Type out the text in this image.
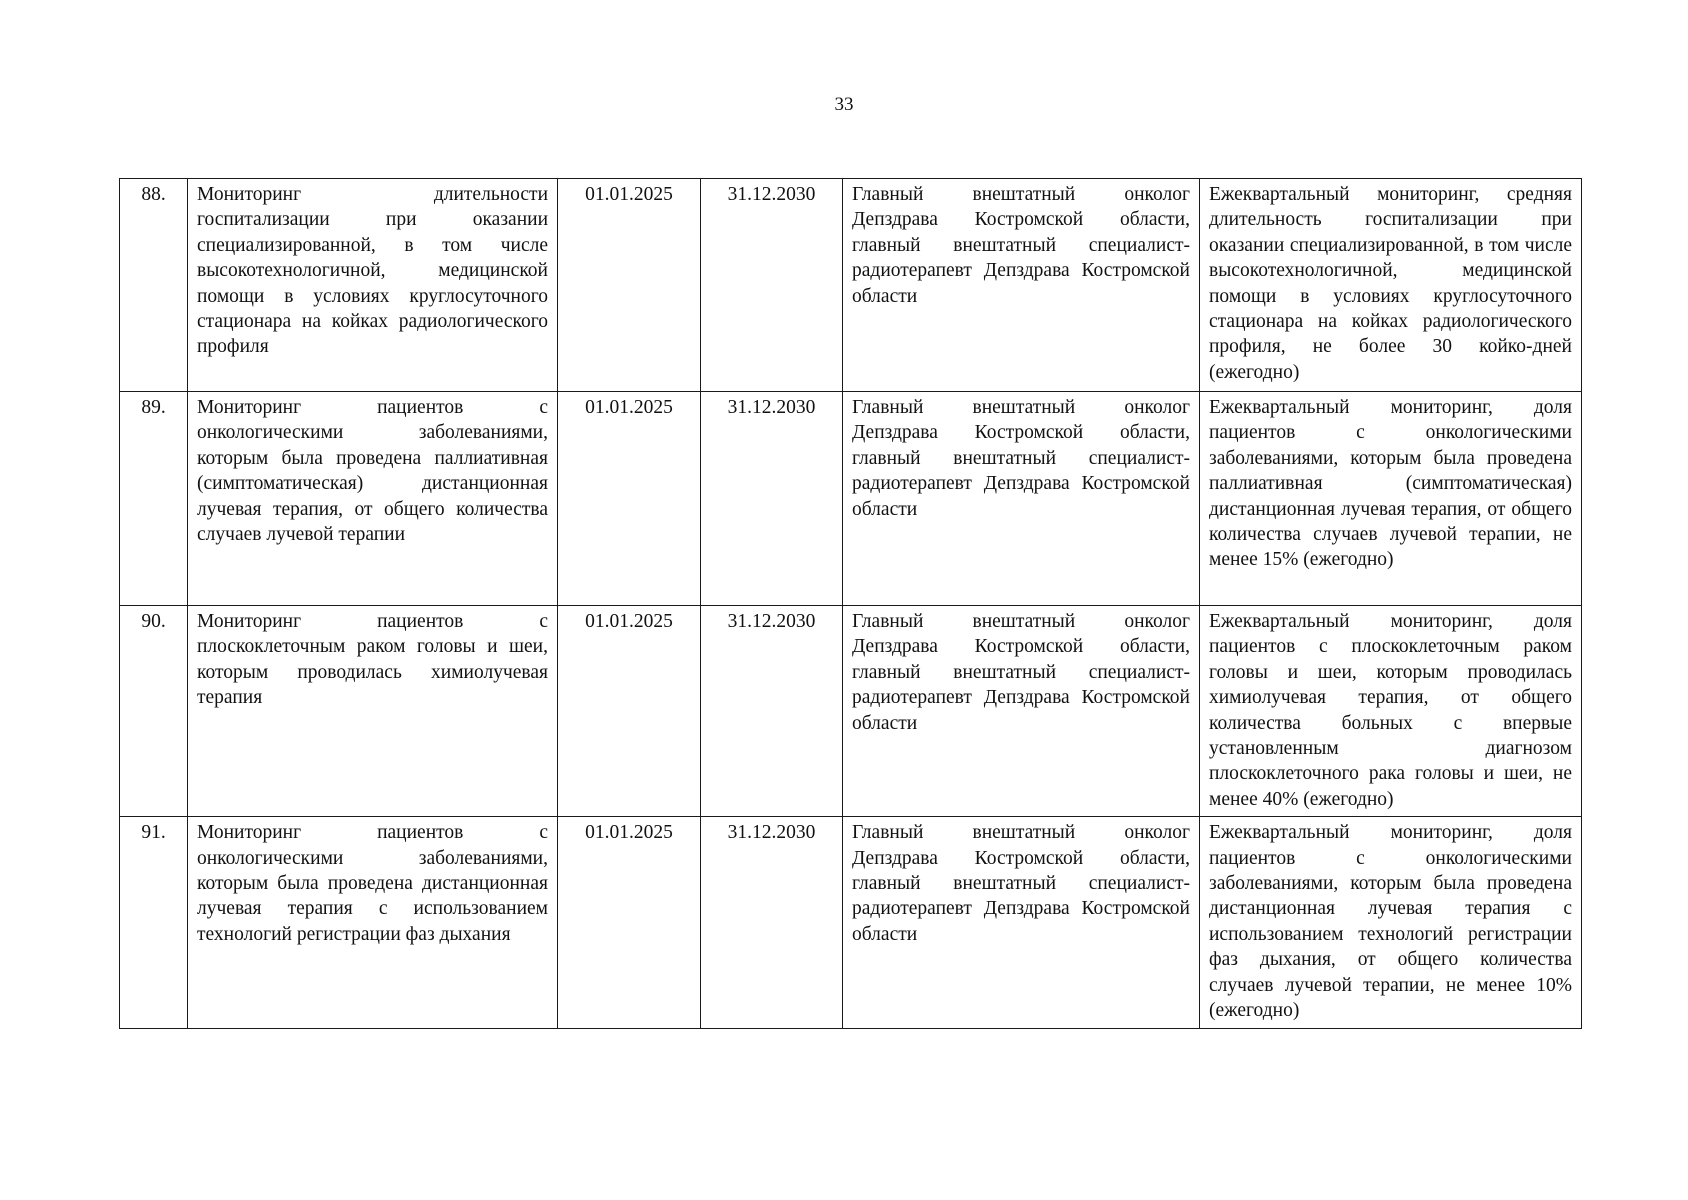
33
88.	Мониторинг длительности госпитализации при оказании специализированной, в том числе высокотехнологичной, медицинской помощи в условиях круглосуточного стационара на койках радиологического профиля	01.01.2025	31.12.2030	Главный внештатный онколог Депздрава Костромской области, главный внештатный специалист-радиотерапевт Депздрава Костромской области	Ежеквартальный мониторинг, средняя длительность госпитализации при оказании специализированной, в том числе высокотехнологичной, медицинской помощи в условиях круглосуточного стационара на койках радиологического профиля, не более 30 койко-дней (ежегодно)
89.	Мониторинг пациентов с онкологическими заболеваниями, которым была проведена паллиативная (симптоматическая) дистанционная лучевая терапия, от общего количества случаев лучевой терапии	01.01.2025	31.12.2030	Главный внештатный онколог Депздрава Костромской области, главный внештатный специалист-радиотерапевт Депздрава Костромской области	Ежеквартальный мониторинг, доля пациентов с онкологическими заболеваниями, которым была проведена паллиативная (симптоматическая) дистанционная лучевая терапия, от общего количества случаев лучевой терапии, не менее 15% (ежегодно)
90.	Мониторинг пациентов с плоскоклеточным раком головы и шеи, которым проводилась химиолучевая терапия	01.01.2025	31.12.2030	Главный внештатный онколог Депздрава Костромской области, главный внештатный специалист-радиотерапевт Депздрава Костромской области	Ежеквартальный мониторинг, доля пациентов с плоскоклеточным раком головы и шеи, которым проводилась химиолучевая терапия, от общего количества больных с впервые установленным диагнозом плоскоклеточного рака головы и шеи, не менее 40% (ежегодно)
91.	Мониторинг пациентов с онкологическими заболеваниями, которым была проведена дистанционная лучевая терапия с использованием технологий регистрации фаз дыхания	01.01.2025	31.12.2030	Главный внештатный онколог Депздрава Костромской области, главный внештатный специалист-радиотерапевт Депздрава Костромской области	Ежеквартальный мониторинг, доля пациентов с онкологическими заболеваниями, которым была проведена дистанционная лучевая терапия с использованием технологий регистрации фаз дыхания, от общего количества случаев лучевой терапии, не менее 10% (ежегодно)
